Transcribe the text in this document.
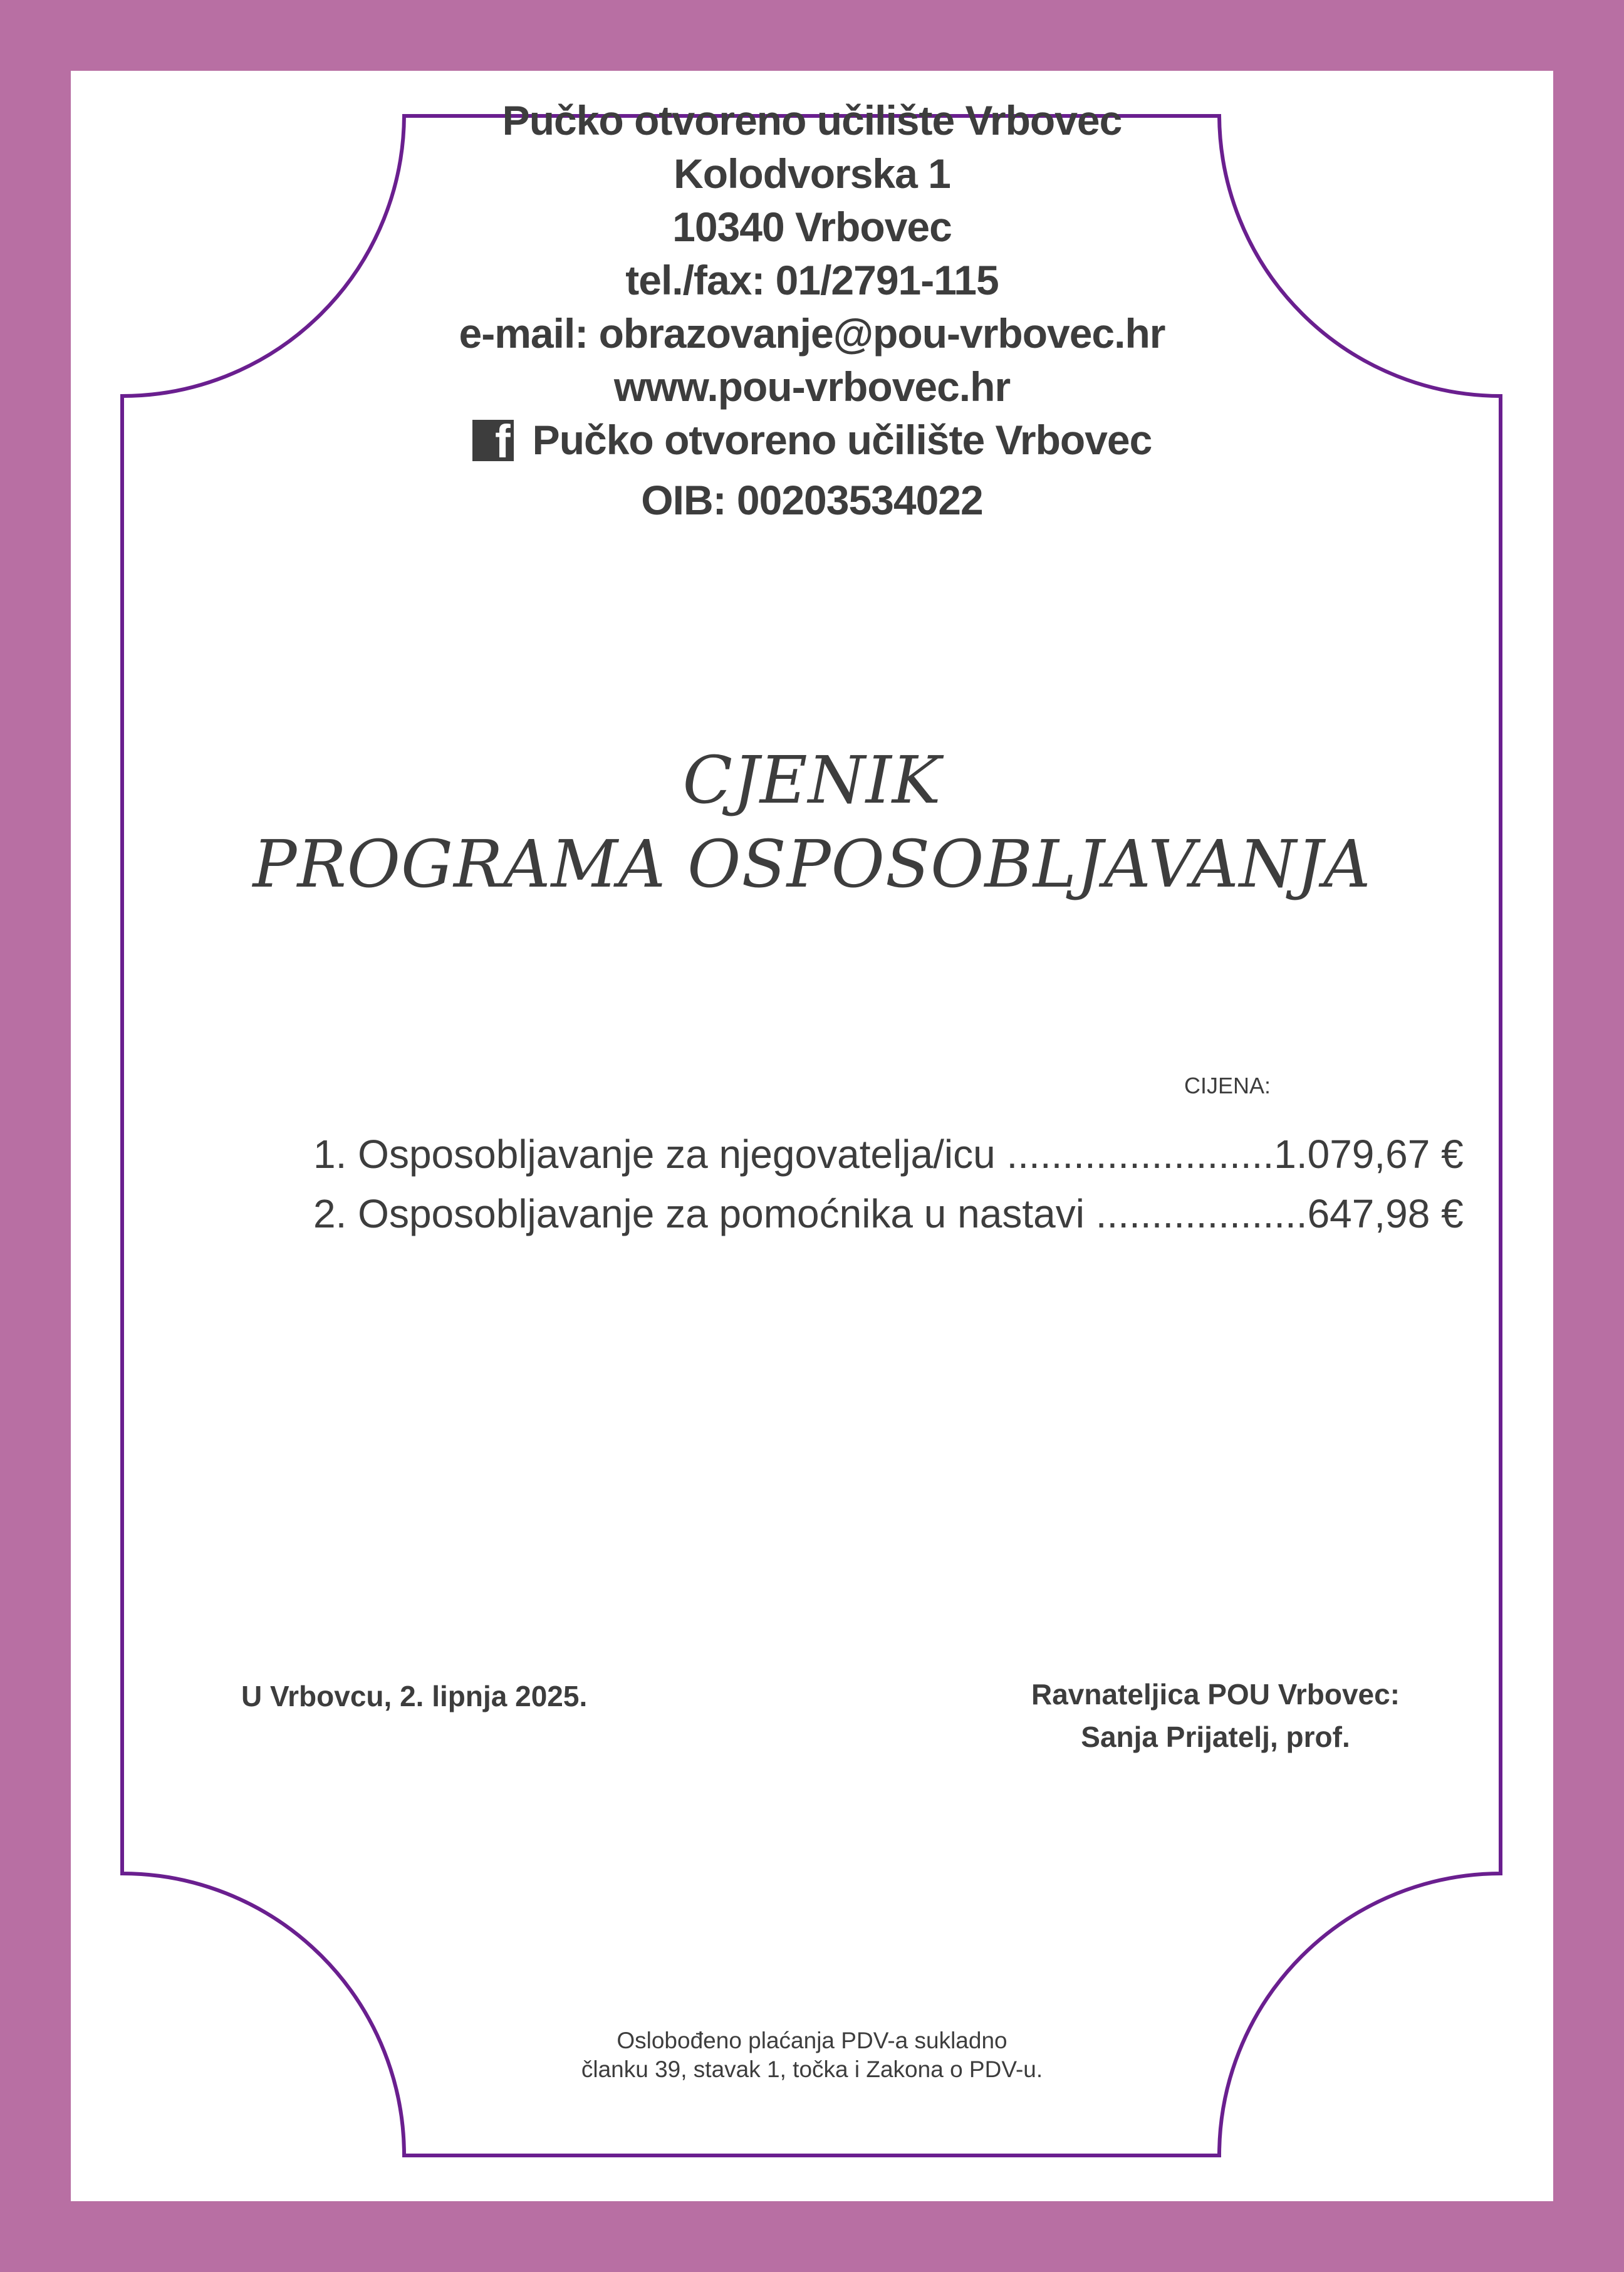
Pučko otvoreno učilište Vrbovec
Kolodvorska 1
10340 Vrbovec
tel./fax: 01/2791-115
e-mail: obrazovanje@pou-vrbovec.hr
www.pou-vrbovec.hr
f Pučko otvoreno učilište Vrbovec
OIB: 00203534022
CJENIK
PROGRAMA OSPOSOBLJAVANJA
CIJENA:
1. Osposobljavanje za njegovatelja/icu ........................ 1.079,67 €
2. Osposobljavanje za pomoćnika u nastavi ................... 647,98 €
U Vrbovcu, 2. lipnja 2025.	Ravnateljica POU Vrbovec:
Sanja Prijatelj, prof.
Oslobođeno plaćanja PDV-a sukladno
članku 39, stavak 1, točka i Zakona o PDV-u.
